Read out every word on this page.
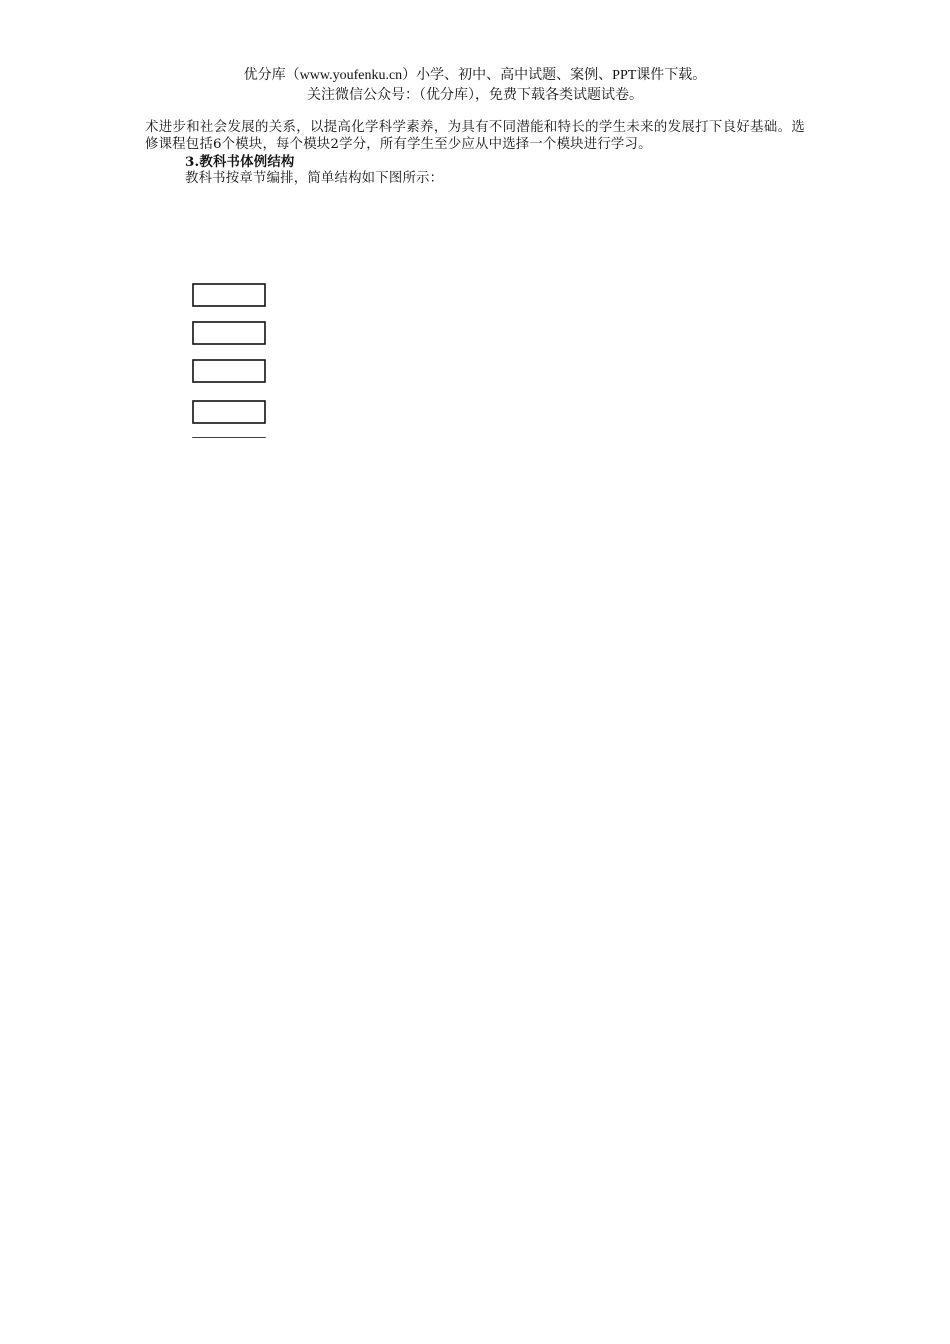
优分库（www.youfenku.cn）小学、初中、高中试题、案例、PPT课件下载。
关注微信公众号：（优分库），免费下载各类试题试卷。

术进步和社会发展的关系，以提高化学科学素养，为具有不同潜能和特长的学生未来的发展打下良好基础。选修课程包括6个模块，每个模块2学分，所有学生至少应从中选择一个模块进行学习。

3.教科书体例结构

教科书按章节编排，简单结构如下图所示：
